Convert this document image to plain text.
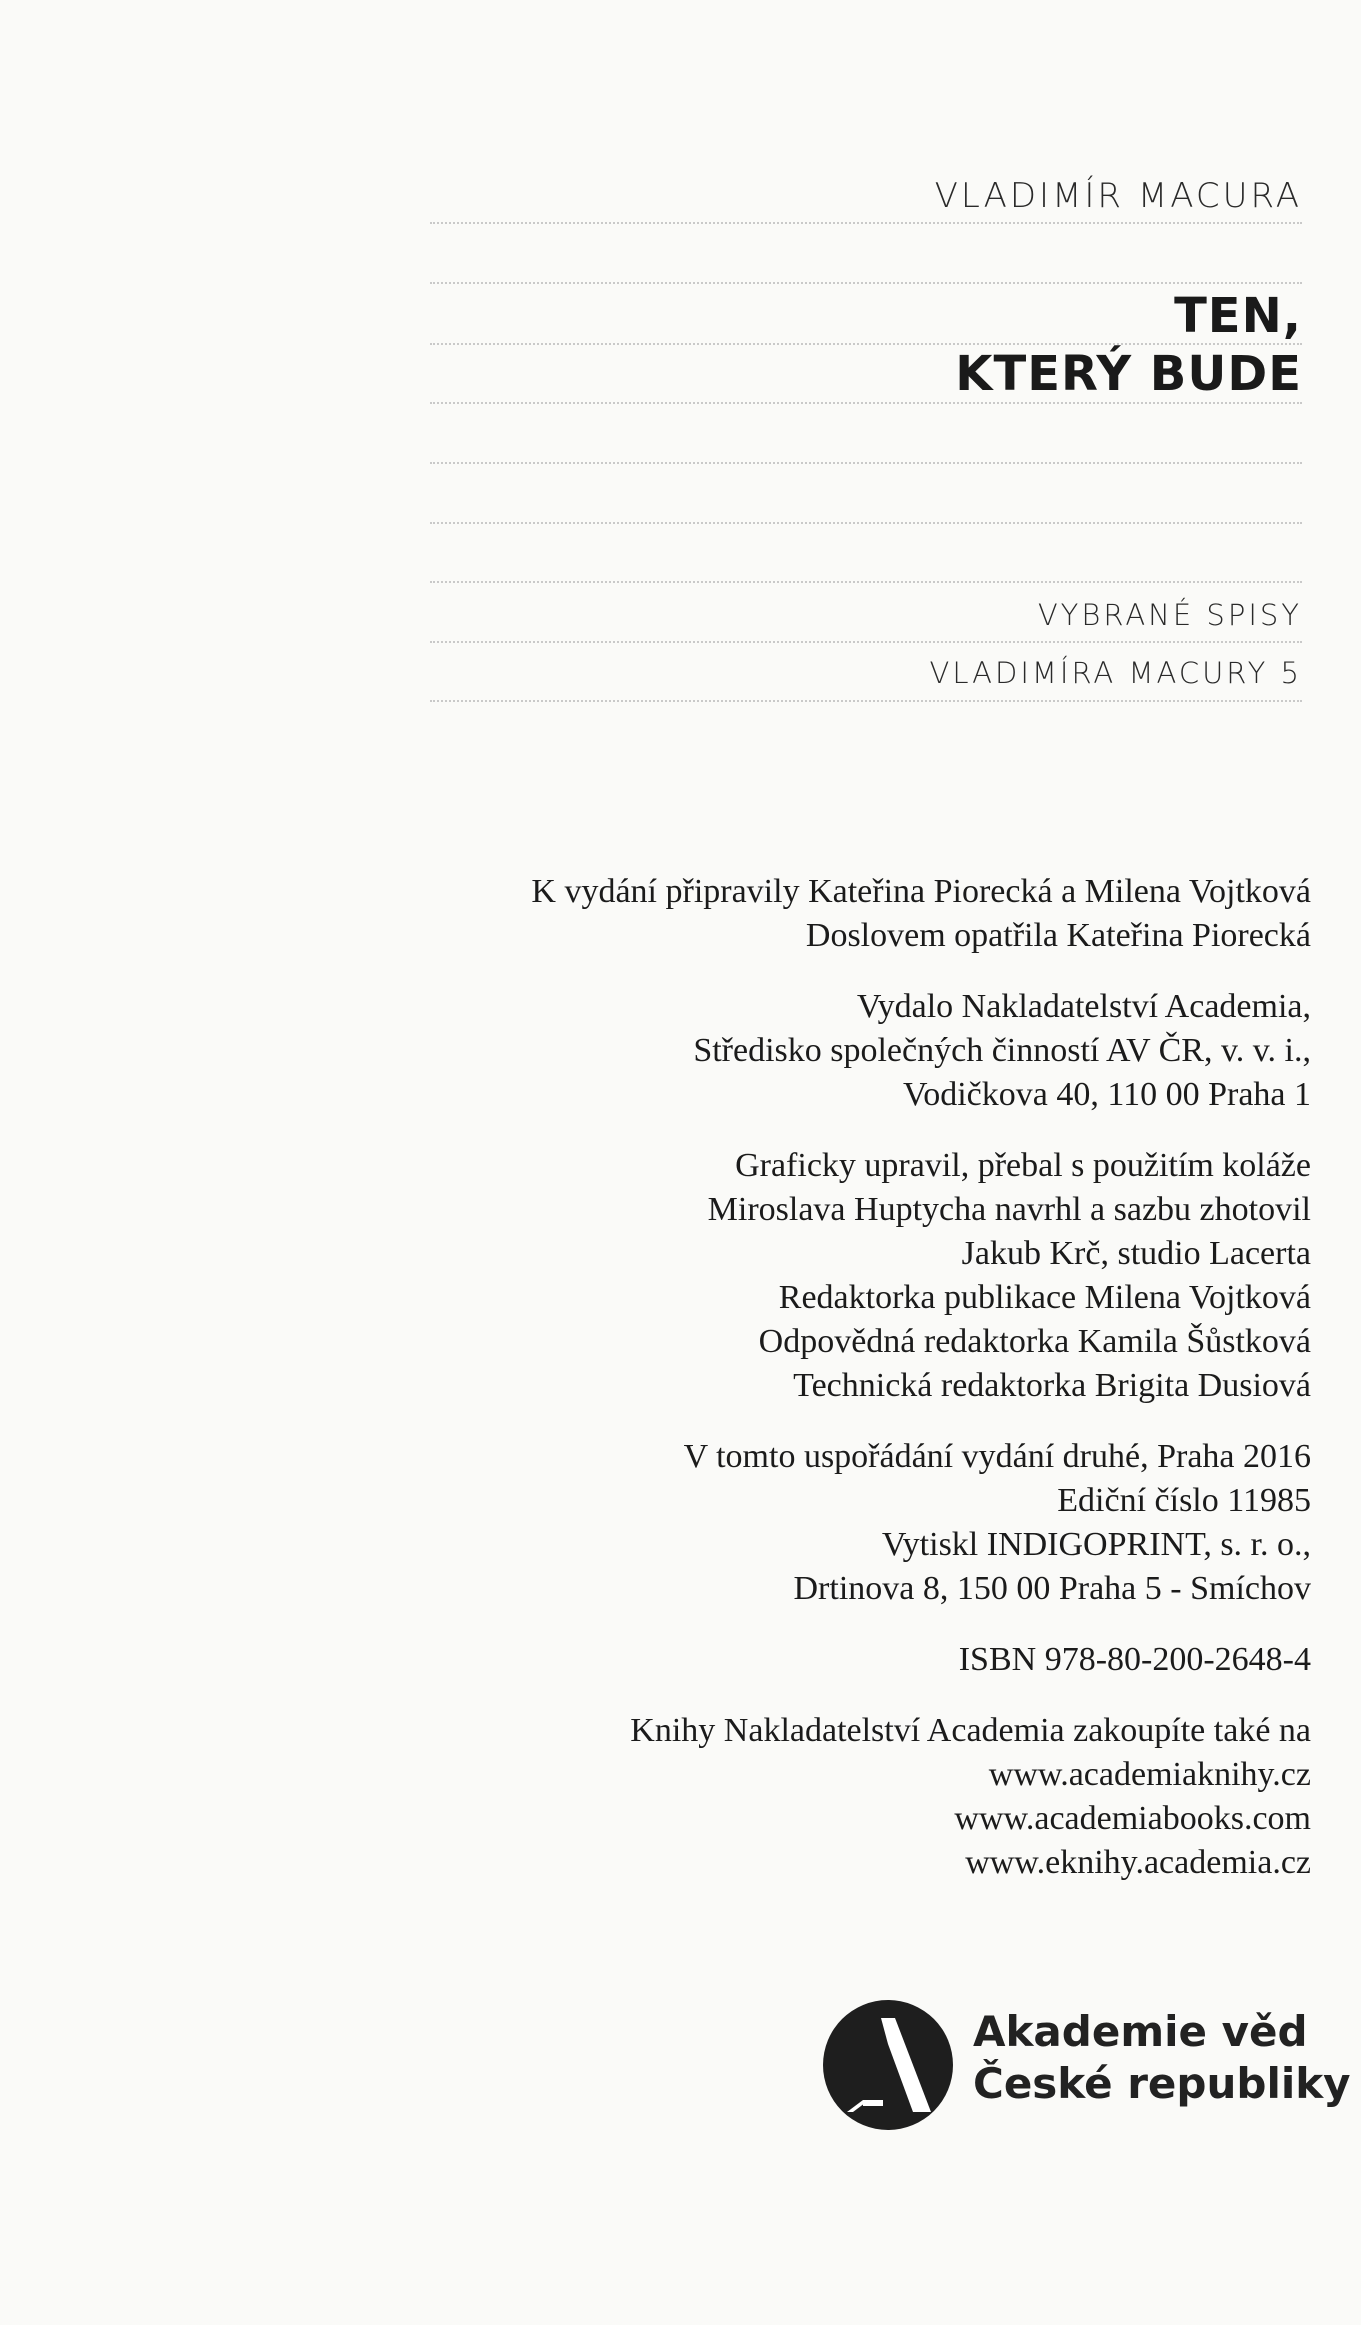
VLADIMÍR MACURA
TEN,
KTERÝ BUDE
VYBRANÉ SPISY
VLADIMÍRA MACURY 5
K vydání připravily Kateřina Piorecká a Milena Vojtková
Doslovem opatřila Kateřina Piorecká
Vydalo Nakladatelství Academia,
Středisko společných činností AV ČR, v. v. i.,
Vodičkova 40, 110 00 Praha 1
Graficky upravil, přebal s použitím koláže
Miroslava Huptycha navrhl a sazbu zhotovil
Jakub Krč, studio Lacerta
Redaktorka publikace Milena Vojtková
Odpovědná redaktorka Kamila Šůstková
Technická redaktorka Brigita Dusiová
V tomto uspořádání vydání druhé, Praha 2016
Ediční číslo 11985
Vytiskl INDIGOPRINT, s. r. o.,
Drtinova 8, 150 00 Praha 5 - Smíchov
ISBN 978-80-200-2648-4
Knihy Nakladatelství Academia zakoupíte také na
www.academiaknihy.cz
www.academiabooks.com
www.eknihy.academia.cz
Akademie věd
České republiky
